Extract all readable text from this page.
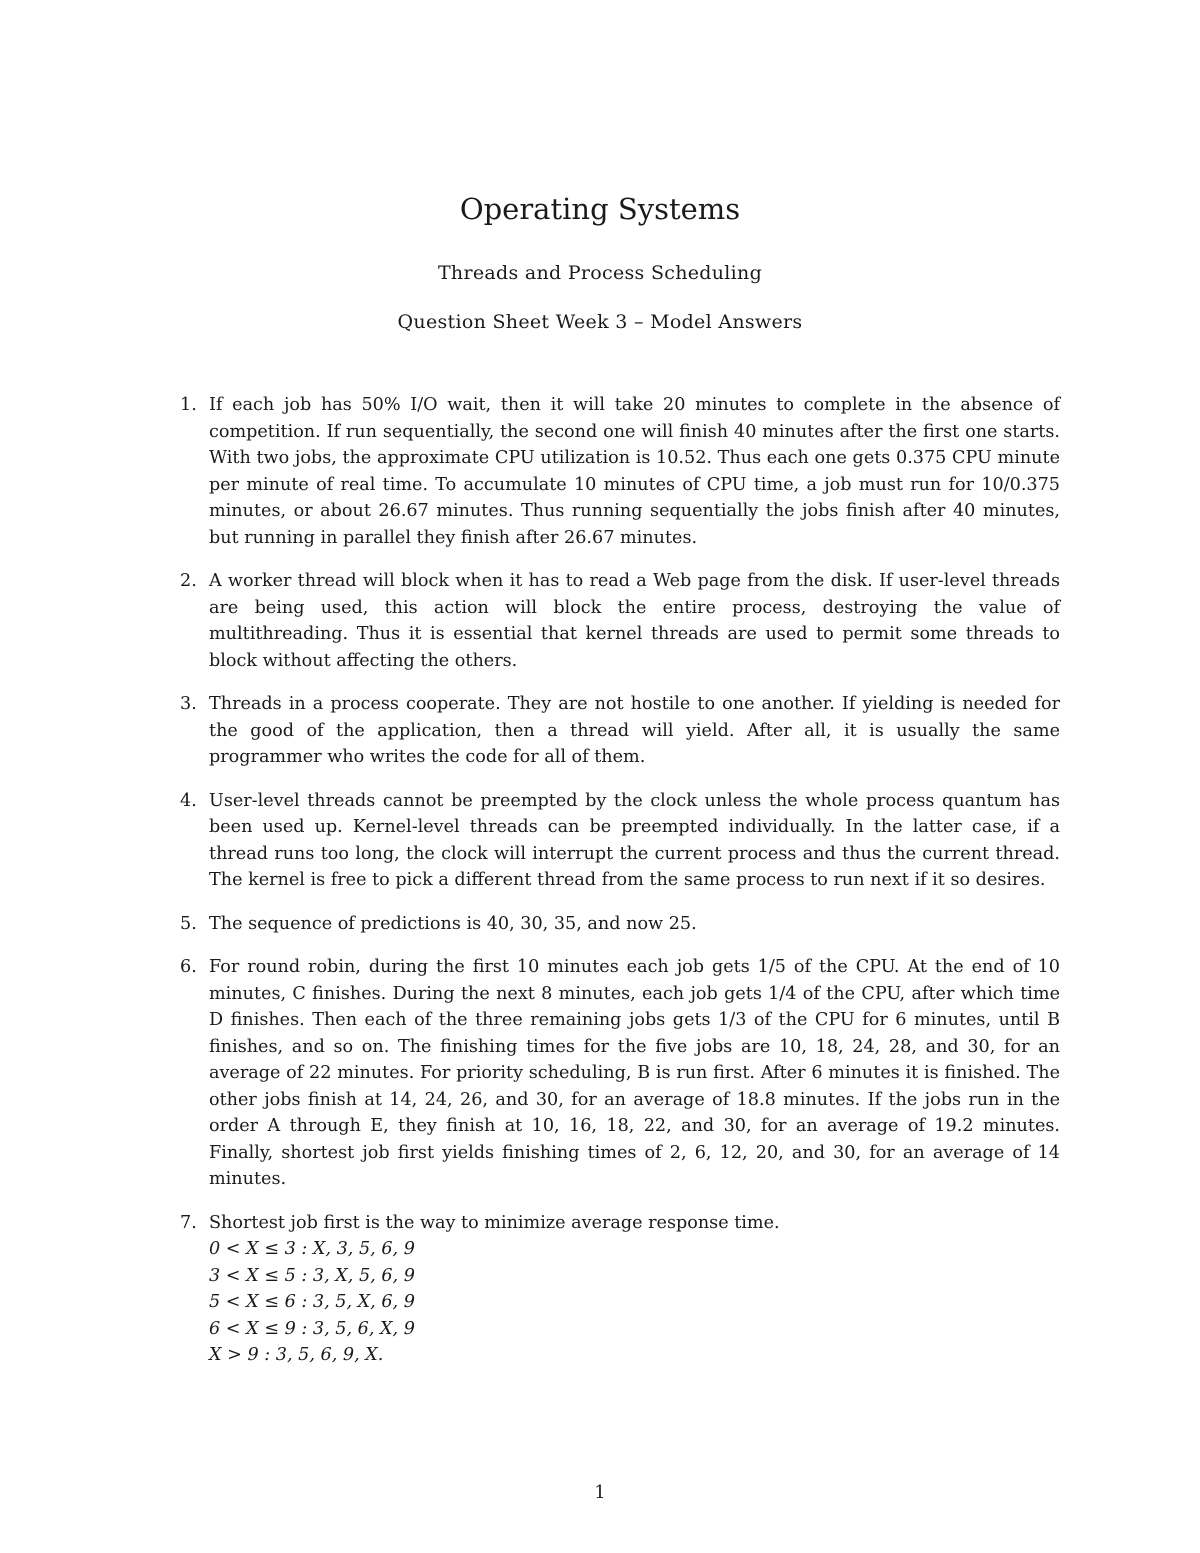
Operating Systems
Threads and Process Scheduling
Question Sheet Week 3 – Model Answers
1. If each job has 50% I/O wait, then it will take 20 minutes to complete in the absence of competition. If run sequentially, the second one will finish 40 minutes after the first one starts. With two jobs, the approximate CPU utilization is 10.52. Thus each one gets 0.375 CPU minute per minute of real time. To accumulate 10 minutes of CPU time, a job must run for 10/0.375 minutes, or about 26.67 minutes. Thus running sequentially the jobs finish after 40 minutes, but running in parallel they finish after 26.67 minutes.
2. A worker thread will block when it has to read a Web page from the disk. If user-level threads are being used, this action will block the entire process, destroying the value of multithreading. Thus it is essential that kernel threads are used to permit some threads to block without affecting the others.
3. Threads in a process cooperate. They are not hostile to one another. If yielding is needed for the good of the application, then a thread will yield. After all, it is usually the same programmer who writes the code for all of them.
4. User-level threads cannot be preempted by the clock unless the whole process quantum has been used up. Kernel-level threads can be preempted individually. In the latter case, if a thread runs too long, the clock will interrupt the current process and thus the current thread. The kernel is free to pick a different thread from the same process to run next if it so desires.
5. The sequence of predictions is 40, 30, 35, and now 25.
6. For round robin, during the first 10 minutes each job gets 1/5 of the CPU. At the end of 10 minutes, C finishes. During the next 8 minutes, each job gets 1/4 of the CPU, after which time D finishes. Then each of the three remaining jobs gets 1/3 of the CPU for 6 minutes, until B finishes, and so on. The finishing times for the five jobs are 10, 18, 24, 28, and 30, for an average of 22 minutes. For priority scheduling, B is run first. After 6 minutes it is finished. The other jobs finish at 14, 24, 26, and 30, for an average of 18.8 minutes. If the jobs run in the order A through E, they finish at 10, 16, 18, 22, and 30, for an average of 19.2 minutes. Finally, shortest job first yields finishing times of 2, 6, 12, 20, and 30, for an average of 14 minutes.
7. Shortest job first is the way to minimize average response time.
0 < X ≤ 3 : X, 3, 5, 6, 9
3 < X ≤ 5 : 3, X, 5, 6, 9
5 < X ≤ 6 : 3, 5, X, 6, 9
6 < X ≤ 9 : 3, 5, 6, X, 9
X > 9 : 3, 5, 6, 9, X.
1
